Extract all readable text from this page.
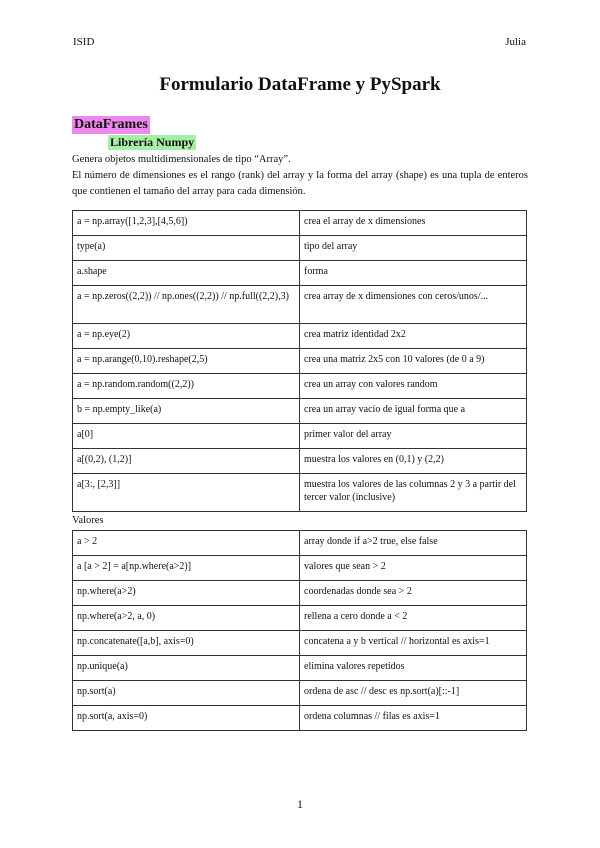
ISID	Julia
Formulario DataFrame y PySpark
DataFrames
Librería Numpy

Genera objetos multidimensionales de tipo “Array”.

El número de dimensiones es el rango (rank) del array y la forma del array (shape) es una tupla de enteros que contienen el tamaño del array para cada dimensión.

a = np.array([1,2,3],[4,5,6])	crea el array de x dimensiones
type(a)	tipo del array
a.shape	forma
a = np.zeros((2,2)) // np.ones((2,2)) // np.full((2,2),3)	crea array de x dimensiones con ceros/unos/...
a = np.eye(2)	crea matriz identidad 2x2
a = np.arange(0,10).reshape(2,5)	crea una matriz 2x5 con 10 valores (de 0 a 9)
a = np.random.random((2,2))	crea un array con valores random
b = np.empty_like(a)	crea un array vacío de igual forma que a
a[0]	primer valor del array
a[(0,2), (1,2)]	muestra los valores en (0,1) y (2,2)
a[3:, [2,3]]	muestra los valores de las columnas 2 y 3 a partir del tercer valor (inclusive)
Valores
a > 2	array donde if a>2 true, else false
a [a > 2] = a[np.where(a>2)]	valores que sean > 2
np.where(a>2)	coordenadas donde sea > 2
np.where(a>2, a, 0)	rellena a cero donde a < 2
np.concatenate([a,b], axis=0)	concatena a y b vertical // horizontal es axis=1
np.unique(a)	elimina valores repetidos
np.sort(a)	ordena de asc // desc es np.sort(a)[::-1]
np.sort(a, axis=0)	ordena columnas // filas es axis=1
1
